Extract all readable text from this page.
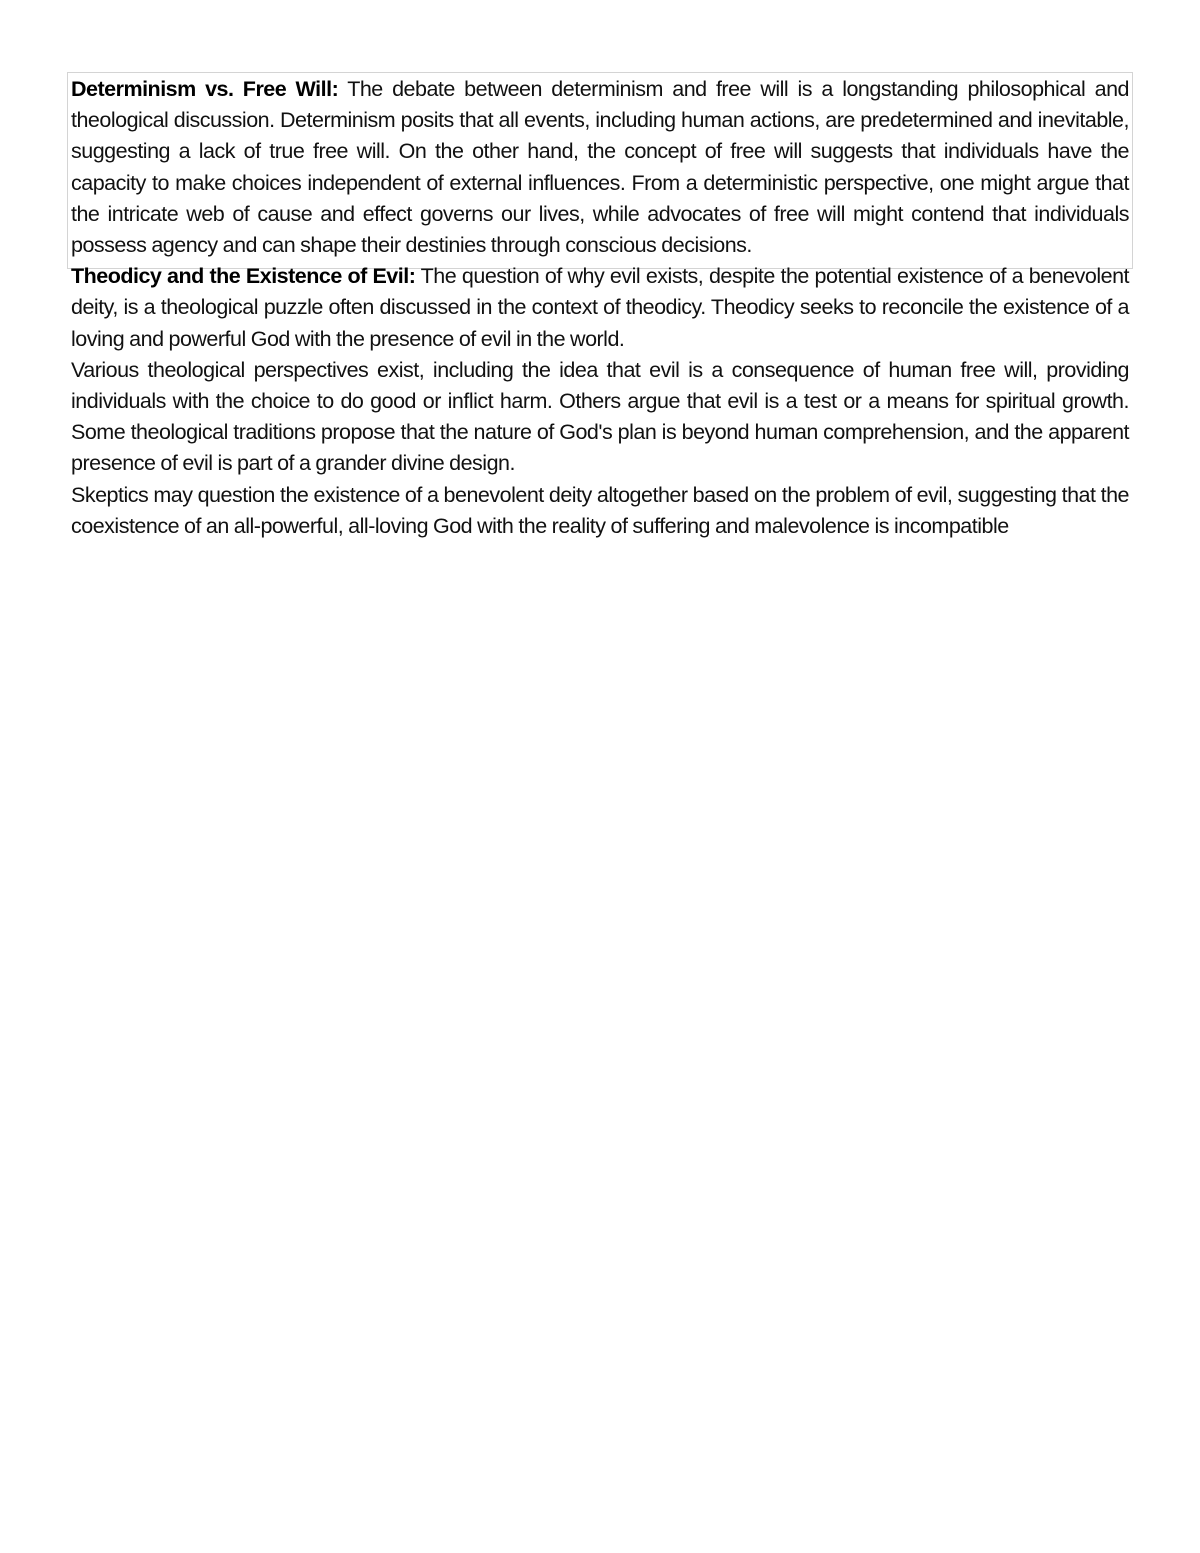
Determinism vs. Free Will: The debate between determinism and free will is a longstanding philosophical and theological discussion. Determinism posits that all events, including human actions, are predetermined and inevitable, suggesting a lack of true free will. On the other hand, the concept of free will suggests that individuals have the capacity to make choices independent of external influences. From a deterministic perspective, one might argue that the intricate web of cause and effect governs our lives, while advocates of free will might contend that individuals possess agency and can shape their destinies through conscious decisions.

Theodicy and the Existence of Evil: The question of why evil exists, despite the potential existence of a benevolent deity, is a theological puzzle often discussed in the context of theodicy. Theodicy seeks to reconcile the existence of a loving and powerful God with the presence of evil in the world.

Various theological perspectives exist, including the idea that evil is a consequence of human free will, providing individuals with the choice to do good or inflict harm. Others argue that evil is a test or a means for spiritual growth. Some theological traditions propose that the nature of God's plan is beyond human comprehension, and the apparent presence of evil is part of a grander divine design.

Skeptics may question the existence of a benevolent deity altogether based on the problem of evil, suggesting that the coexistence of an all-powerful, all-loving God with the reality of suffering and malevolence is incompatible
